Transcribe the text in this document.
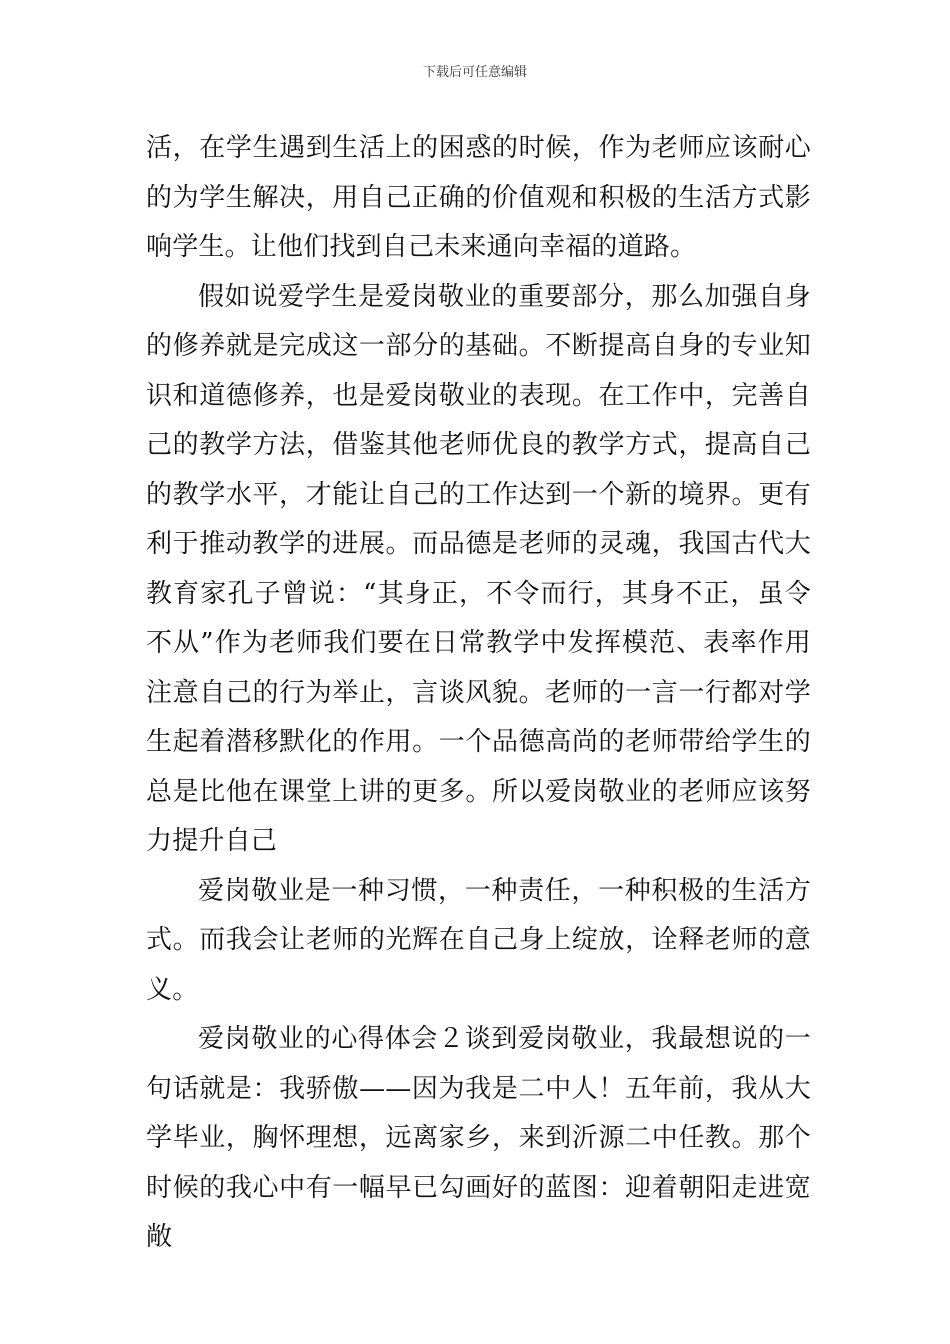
下载后可任意编辑

活，在学生遇到生活上的困惑的时候，作为老师应该耐心的为学生解决，用自己正确的价值观和积极的生活方式影响学生。让他们找到自己未来通向幸福的道路。

假如说爱学生是爱岗敬业的重要部分，那么加强自身的修养就是完成这一部分的基础。不断提高自身的专业知识和道德修养，也是爱岗敬业的表现。在工作中，完善自己的教学方法，借鉴其他老师优良的教学方式，提高自己的教学水平，才能让自己的工作达到一个新的境界。更有利于推动教学的进展。而品德是老师的灵魂，我国古代大教育家孔子曾说：“其身正，不令而行，其身不正，虽令不从”作为老师我们要在日常教学中发挥模范、表率作用注意自己的行为举止，言谈风貌。老师的一言一行都对学生起着潜移默化的作用。一个品德高尚的老师带给学生的总是比他在课堂上讲的更多。所以爱岗敬业的老师应该努力提升自己

爱岗敬业是一种习惯，一种责任，一种积极的生活方式。而我会让老师的光辉在自己身上绽放，诠释老师的意义。

爱岗敬业的心得体会２谈到爱岗敬业，我最想说的一句话就是：我骄傲——因为我是二中人！五年前，我从大学毕业，胸怀理想，远离家乡，来到沂源二中任教。那个时候的我心中有一幅早已勾画好的蓝图：迎着朝阳走进宽敞
